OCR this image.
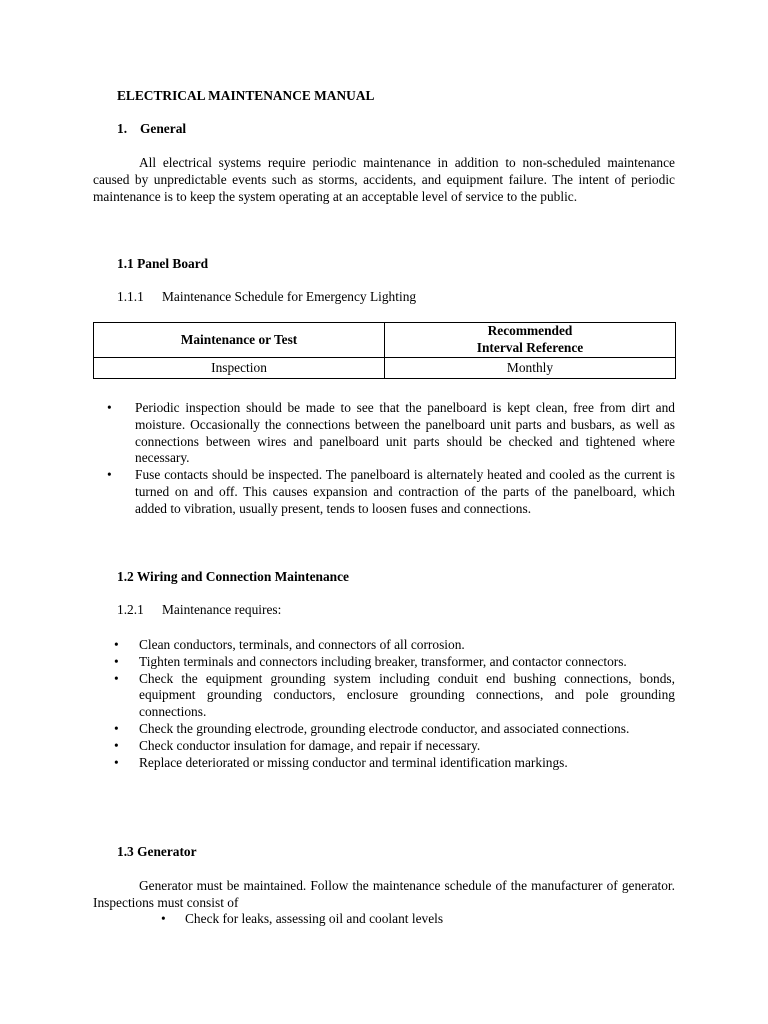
ELECTRICAL MAINTENANCE MANUAL
1. General
All electrical systems require periodic maintenance in addition to non-scheduled maintenance caused by unpredictable events such as storms, accidents, and equipment failure. The intent of periodic maintenance is to keep the system operating at an acceptable level of service to the public.
1.1 Panel Board
1.1.1 Maintenance Schedule for Emergency Lighting
Maintenance or Test	Recommended
Interval Reference
Inspection	Monthly
• Periodic inspection should be made to see that the panelboard is kept clean, free from dirt and moisture. Occasionally the connections between the panelboard unit parts and busbars, as well as connections between wires and panelboard unit parts should be checked and tightened where necessary.
• Fuse contacts should be inspected. The panelboard is alternately heated and cooled as the current is turned on and off. This causes expansion and contraction of the parts of the panelboard, which added to vibration, usually present, tends to loosen fuses and connections.
1.2 Wiring and Connection Maintenance
1.2.1 Maintenance requires:
• Clean conductors, terminals, and connectors of all corrosion.
• Tighten terminals and connectors including breaker, transformer, and contactor connectors.
• Check the equipment grounding system including conduit end bushing connections, bonds, equipment grounding conductors, enclosure grounding connections, and pole grounding connections.
• Check the grounding electrode, grounding electrode conductor, and associated connections.
• Check conductor insulation for damage, and repair if necessary.
• Replace deteriorated or missing conductor and terminal identification markings.
1.3 Generator
Generator must be maintained. Follow the maintenance schedule of the manufacturer of generator. Inspections must consist of
• Check for leaks, assessing oil and coolant levels
